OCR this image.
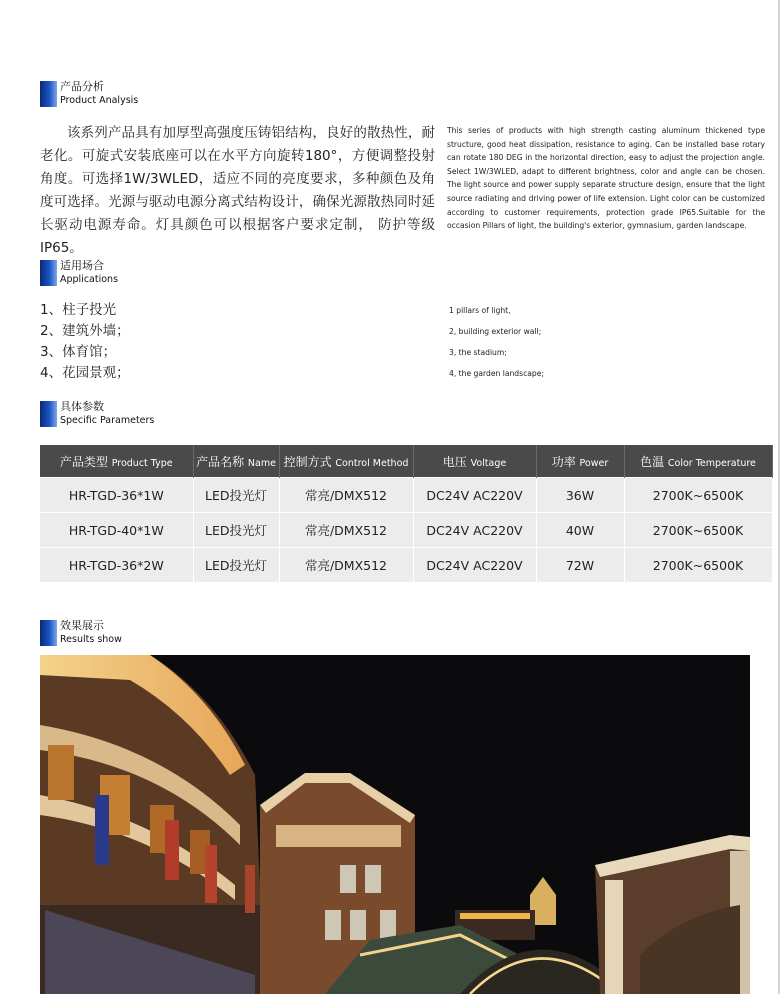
产品分析
Product Analysis
该系列产品具有加厚型高强度压铸铝结构，良好的散热性，耐老化。可旋式安装底座可以在水平方向旋转180°，方便调整投射角度。可选择1W/3WLED，适应不同的亮度要求，多种颜色及角度可选择。光源与驱动电源分离式结构设计，确保光源散热同时延长驱动电源寿命。灯具颜色可以根据客户要求定制， 防护等级IP65。
This series of products with high strength casting aluminum thickened type structure, good heat dissipation, resistance to aging. Can be installed base rotary can rotate 180 DEG in the horizontal direction, easy to adjust the projection angle. Select 1W/3WLED, adapt to different brightness, color and angle can be chosen. The light source and power supply separate structure design, ensure that the light source radiating and driving power of life extension. Light color can be customized according to customer requirements, protection grade IP65.Suitable for the occasion Pillars of light, the building's exterior, gymnasium, garden landscape.
适用场合
Applications
1、柱子投光
2、建筑外墙；
3、体育馆；
4、花园景观；
1 pillars of light,
2, building exterior wall;
3, the stadium;
4, the garden landscape;
具体参数
Specific Parameters
产品类型 Product Type	产品名称 Name	控制方式 Control Method	电压 Voltage	功率 Power	色温 Color Temperature
HR-TGD-36*1W	LED投光灯	常亮/DMX512	DC24V AC220V	36W	2700K~6500K
HR-TGD-40*1W	LED投光灯	常亮/DMX512	DC24V AC220V	40W	2700K~6500K
HR-TGD-36*2W	LED投光灯	常亮/DMX512	DC24V AC220V	72W	2700K~6500K
效果展示
Results show
